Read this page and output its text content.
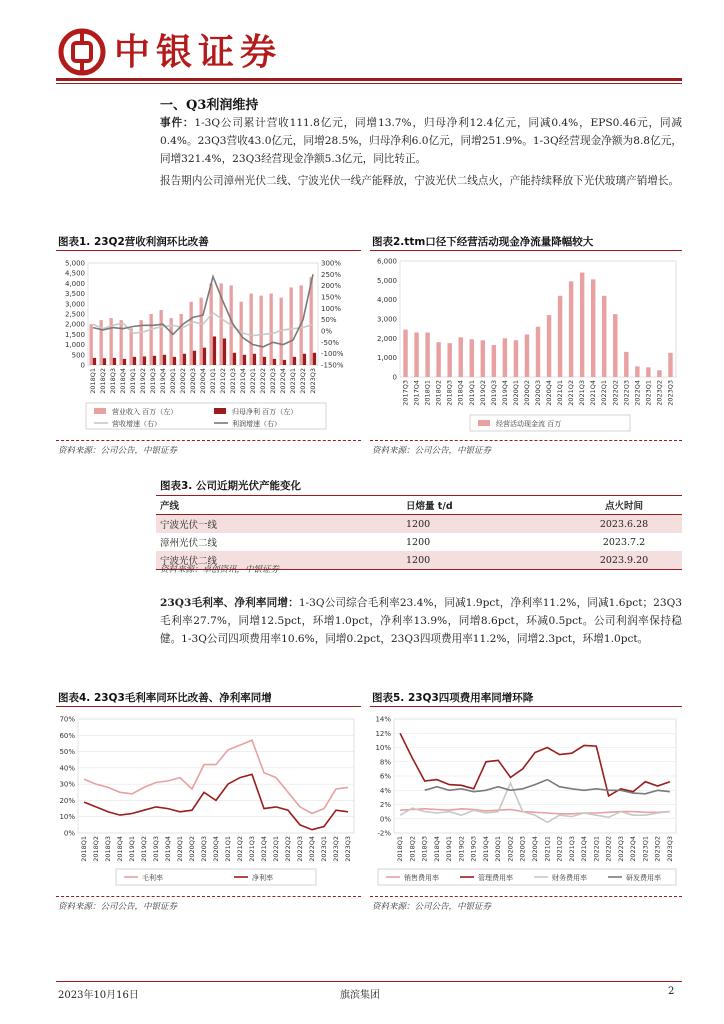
中银证券
一、Q3利润维持
事件：1-3Q公司累计营收111.8亿元，同增13.7%，归母净利12.4亿元，同减0.4%，EPS0.46元，同减0.4%。23Q3营收43.0亿元，同增28.5%，归母净利6.0亿元，同增251.9%。1-3Q经营现金净额为8.8亿元，同增321.4%，23Q3经营现金净额5.3亿元，同比转正。
报告期内公司漳州光伏二线、宁波光伏一线产能释放，宁波光伏二线点火，产能持续释放下光伏玻璃产销增长。
图表1. 23Q2营收利润环比改善
0
500
1,000
1,500
2,000
2,500
3,000
3,500
4,000
4,500
5,000
-150%
-100%
-50%
0%
50%
100%
150%
200%
250%
300%
2018Q1 2018Q2 2018Q3 2018Q4 2019Q1 2019Q2 2019Q3 2019Q4 2020Q1 2020Q2 2020Q3 2020Q4 2021Q1 2021Q2 2021Q3 2021Q4 2022Q1 2022Q2 2022Q3 2022Q4 2023Q1 2023Q2 2023Q3
营业收入 百万（左）	归母净利 百万（左）
营收增速（右）	利润增速（右）
资料来源：公司公告，中银证券
图表2.ttm口径下经营活动现金净流量降幅较大
0
1,000
2,000
3,000
4,000
5,000
6,000
2017Q3 2017Q4 2018Q1 2018Q2 2018Q3 2018Q4 2019Q1 2019Q2 2019Q3 2019Q4 2020Q1 2020Q2 2020Q3 2020Q4 2021Q1 2021Q2 2021Q3 2021Q4 2022Q1 2022Q2 2022Q3 2022Q4 2023Q1 2023Q2 2023Q3
经营活动现金流 百万
资料来源：公司公告，中银证券
图表3. 公司近期光伏产能变化
产线	日熔量 t/d	点火时间
宁波光伏一线	1200	2023.6.28
漳州光伏二线	1200	2023.7.2
宁波光伏二线	1200	2023.9.20
资料来源：卓创资讯，中银证券
23Q3毛利率、净利率同增：1-3Q公司综合毛利率23.4%，同减1.9pct，净利率11.2%，同减1.6pct；23Q3毛利率27.7%，同增12.5pct，环增1.0pct，净利率13.9%，同增8.6pct，环减0.5pct。公司利润率保持稳健。1-3Q公司四项费用率10.6%，同增0.2pct，23Q3四项费用率11.2%，同增2.3pct，环增1.0pct。
图表4. 23Q3毛利率同环比改善、净利率同增
0%
10%
20%
30%
40%
50%
60%
70%
2018Q1 2018Q2 2018Q3 2018Q4 2019Q1 2019Q2 2019Q3 2019Q4 2020Q1 2020Q2 2020Q3 2020Q4 2021Q1 2021Q2 2021Q3 2021Q4 2022Q1 2022Q2 2022Q3 2022Q4 2023Q1 2023Q2 2023Q3
毛利率	净利率
资料来源：公司公告，中银证券
图表5. 23Q3四项费用率同增环降
-2%
0%
2%
4%
6%
8%
10%
12%
14%
2018Q1 2018Q2 2018Q3 2018Q4 2019Q1 2019Q2 2019Q3 2019Q4 2020Q1 2020Q2 2020Q3 2020Q4 2021Q1 2021Q2 2021Q3 2021Q4 2022Q1 2022Q2 2022Q3 2022Q4 2023Q1 2023Q2 2023Q3
销售费用率	管理费用率	财务费用率	研发费用率
资料来源：公司公告，中银证券
2023年10月16日	旗滨集团	2
